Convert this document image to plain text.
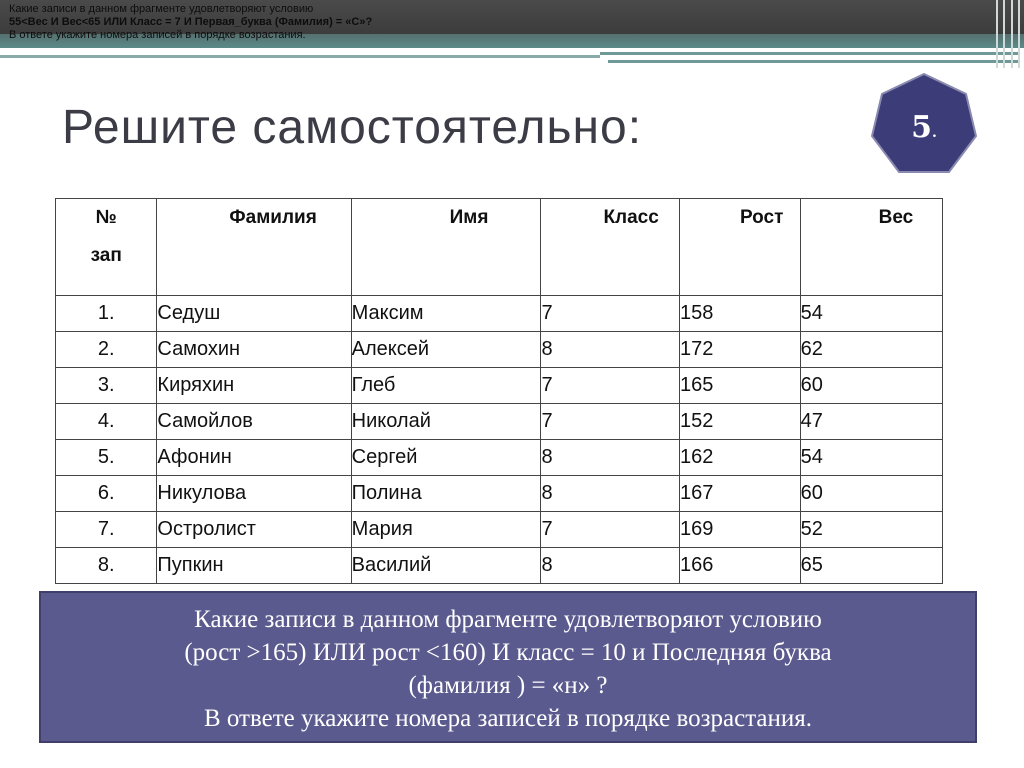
Какие записи в данном фрагменте удовлетворяют условию
55<Вес И Вес<65 ИЛИ Класс = 7 И Первая_буква (Фамилия) = «С»?
В ответе укажите номера записей в порядке возрастания.
Решите самостоятельно:	5.
№
зап	Фамилия	Имя	Класс	Рост	Вес

1.	Седуш	Максим	7	158	54
2.	Самохин	Алексей	8	172	62
3.	Киряхин	Глеб	7	165	60
4.	Самойлов	Николай	7	152	47
5.	Афонин	Сергей	8	162	54
6.	Никулова	Полина	8	167	60
7.	Остролист	Мария	7	169	52
8.	Пупкин	Василий	8	166	65
Какие записи в данном фрагменте удовлетворяют условию
(рост >165) ИЛИ рост <160) И класс = 10 и Последняя буква
(фамилия ) = «н» ?
В ответе укажите номера записей в порядке возрастания.
